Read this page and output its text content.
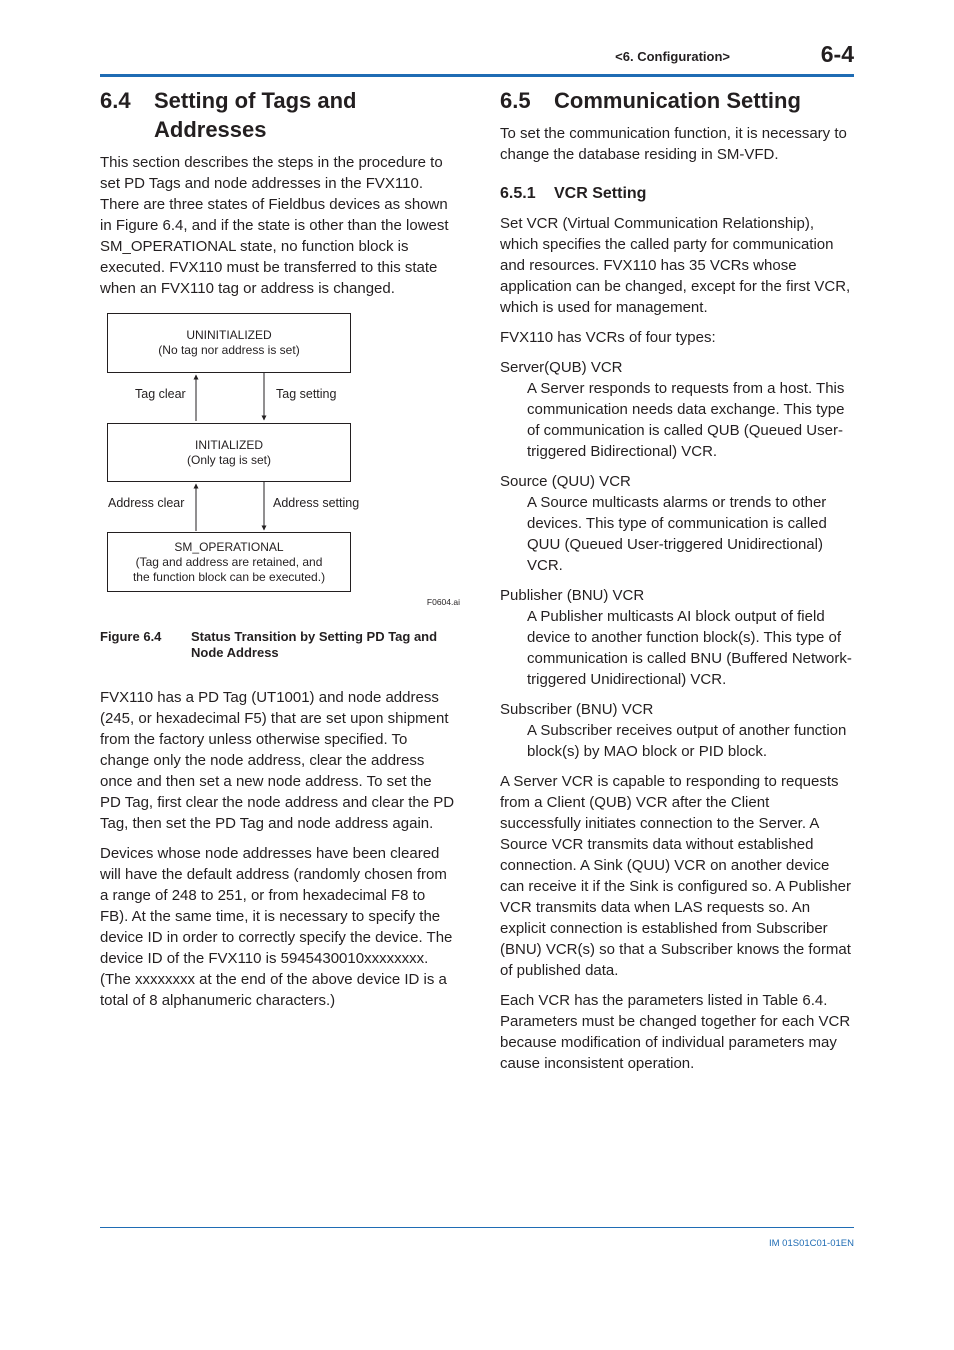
<6. Configuration>	6-4
6.4	Setting of Tags and Addresses

This section describes the steps in the procedure to set PD Tags and node addresses in the FVX110. There are three states of Fieldbus devices as shown in Figure 6.4, and if the state is other than the lowest SM_OPERATIONAL state, no function block is executed. FVX110 must be transferred to this state when an FVX110 tag or address is changed.

UNINITIALIZED
(No tag nor address is set)
Tag clear	Tag setting
INITIALIZED
(Only tag is set)
Address clear	Address setting
SM_OPERATIONAL
(Tag and address are retained, and
the function block can be executed.)
F0604.ai
Figure 6.4	Status Transition by Setting PD Tag and Node Address

FVX110 has a PD Tag (UT1001) and node address (245, or hexadecimal F5) that are set upon shipment from the factory unless otherwise specified. To change only the node address, clear the address once and then set a new node address. To set the PD Tag, first clear the node address and clear the PD Tag, then set the PD Tag and node address again.

Devices whose node addresses have been cleared will have the default address (randomly chosen from a range of 248 to 251, or from hexadecimal F8 to FB). At the same time, it is necessary to specify the device ID in order to correctly specify the device. The device ID of the FVX110 is 5945430010xxxxxxxx. (The xxxxxxxx at the end of the above device ID is a total of 8 alphanumeric characters.)

6.5	Communication Setting

To set the communication function, it is necessary to change the database residing in SM-VFD.

6.5.1	VCR Setting

Set VCR (Virtual Communication Relationship), which specifies the called party for communication and resources. FVX110 has 35 VCRs whose application can be changed, except for the first VCR, which is used for management.

FVX110 has VCRs of four types:

Server(QUB) VCR
A Server responds to requests from a host. This communication needs data exchange. This type of communication is called QUB (Queued User-triggered Bidirectional) VCR.
Source (QUU) VCR
A Source multicasts alarms or trends to other devices. This type of communication is called QUU (Queued User-triggered Unidirectional) VCR.
Publisher (BNU) VCR
A Publisher multicasts AI block output of field device to another function block(s). This type of communication is called BNU (Buffered Network-triggered Unidirectional) VCR.
Subscriber (BNU) VCR
A Subscriber receives output of another function block(s) by MAO block or PID block.

A Server VCR is capable to responding to requests from a Client (QUB) VCR after the Client successfully initiates connection to the Server. A Source VCR transmits data without established connection. A Sink (QUU) VCR on another device can receive it if the Sink is configured so. A Publisher VCR transmits data when LAS requests so. An explicit connection is established from Subscriber (BNU) VCR(s) so that a Subscriber knows the format of published data.

Each VCR has the parameters listed in Table 6.4. Parameters must be changed together for each VCR because modification of individual parameters may cause inconsistent operation.

IM 01S01C01-01EN
